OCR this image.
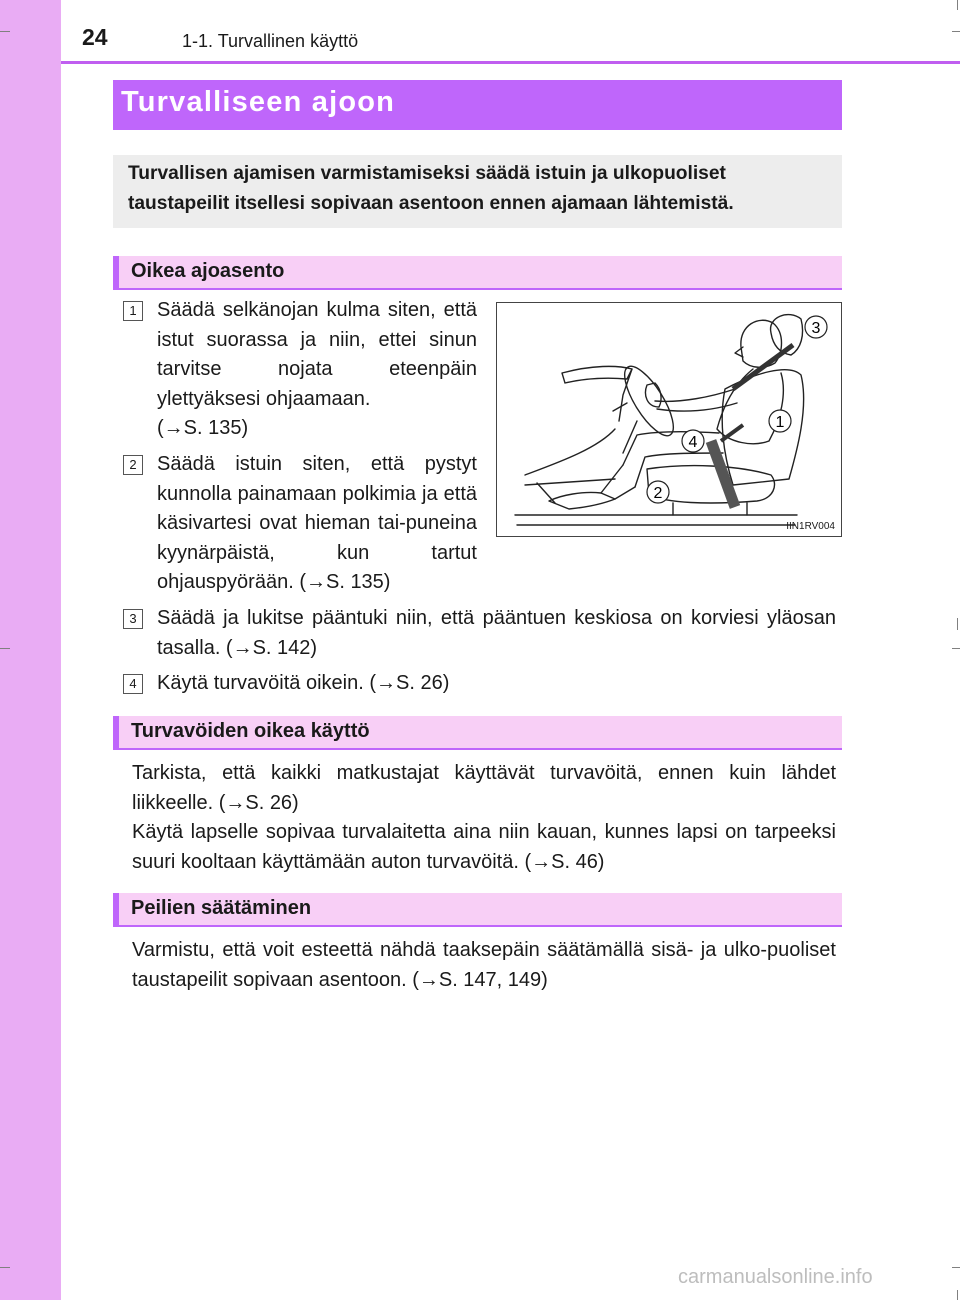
24	1-1. Turvallinen käyttö
Turvalliseen ajoon

Turvallisen ajamisen varmistamiseksi säädä istuin ja ulkopuoliset taustapeilit itsellesi sopivaan asentoon ennen ajamaan lähtemistä.

Oikea ajoasento
1	Säädä selkänojan kulma siten, että istut suorassa ja niin, ettei sinun tarvitse nojata eteenpäin ylettyäksesi ohjaamaan.
(→S. 135)
2	Säädä istuin siten, että pystyt kunnolla painamaan polkimia ja että käsivartesi ovat hieman tai-puneina kyynärpäistä, kun tartut ohjauspyörään. (→S. 135)
3
1
4
2
IIN1RV004
3	Säädä ja lukitse pääntuki niin, että pääntuen keskiosa on korviesi yläosan tasalla. (→S. 142)
4	Käytä turvavöitä oikein. (→S. 26)
Turvavöiden oikea käyttö

Tarkista, että kaikki matkustajat käyttävät turvavöitä, ennen kuin lähdet liikkeelle. (→S. 26)

Käytä lapselle sopivaa turvalaitetta aina niin kauan, kunnes lapsi on tarpeeksi suuri kooltaan käyttämään auton turvavöitä. (→S. 46)

Peilien säätäminen

Varmistu, että voit esteettä nähdä taaksepäin säätämällä sisä- ja ulko-puoliset taustapeilit sopivaan asentoon. (→S. 147, 149)

carmanualsonline.info
